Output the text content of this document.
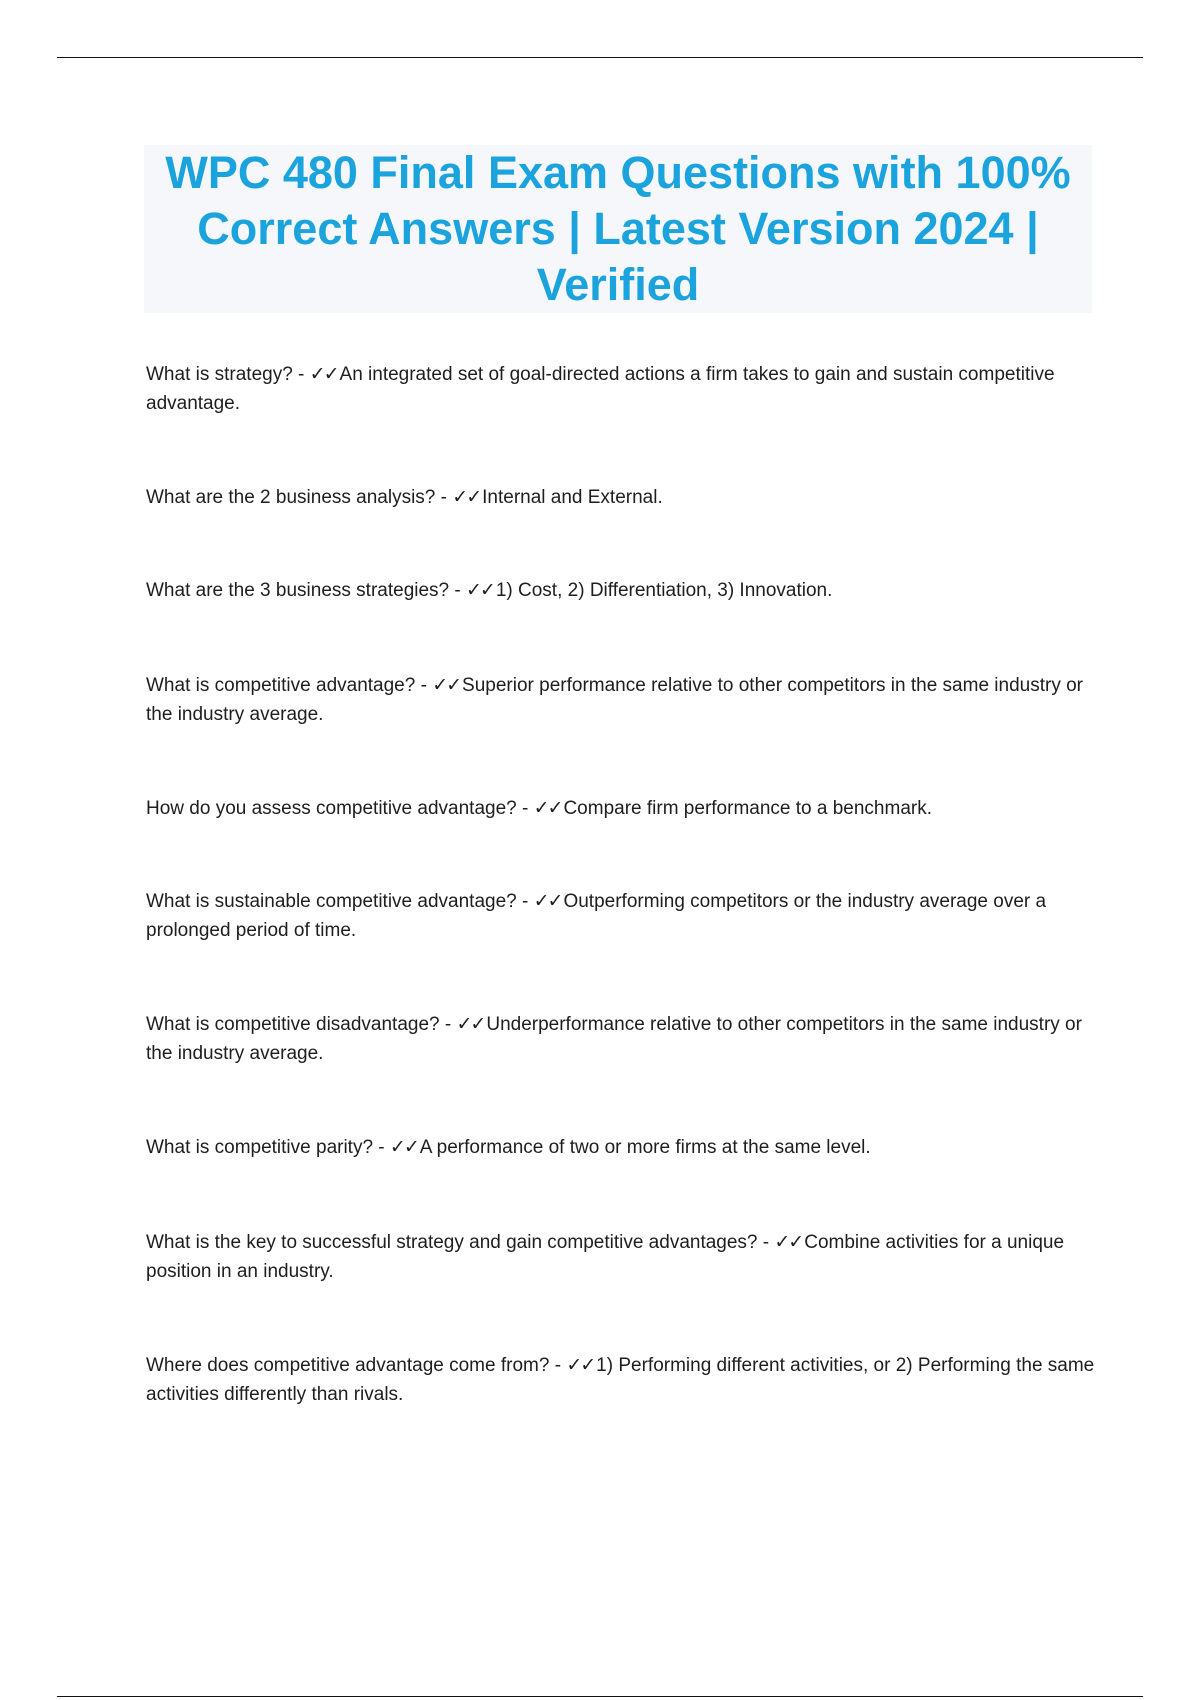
WPC 480 Final Exam Questions with 100% Correct Answers | Latest Version 2024 | Verified

What is strategy? - ✓✓ An integrated set of goal-directed actions a firm takes to gain and sustain competitive advantage.

What are the 2 business analysis? - ✓✓ Internal and External.

What are the 3 business strategies? - ✓✓ 1) Cost, 2) Differentiation, 3) Innovation.

What is competitive advantage? - ✓✓ Superior performance relative to other competitors in the same industry or the industry average.

How do you assess competitive advantage? - ✓✓ Compare firm performance to a benchmark.

What is sustainable competitive advantage? - ✓✓ Outperforming competitors or the industry average over a prolonged period of time.

What is competitive disadvantage? - ✓✓ Underperformance relative to other competitors in the same industry or the industry average.

What is competitive parity? - ✓✓ A performance of two or more firms at the same level.

What is the key to successful strategy and gain competitive advantages? - ✓✓ Combine activities for a unique position in an industry.

Where does competitive advantage come from? - ✓✓ 1) Performing different activities, or 2) Performing the same activities differently than rivals.
